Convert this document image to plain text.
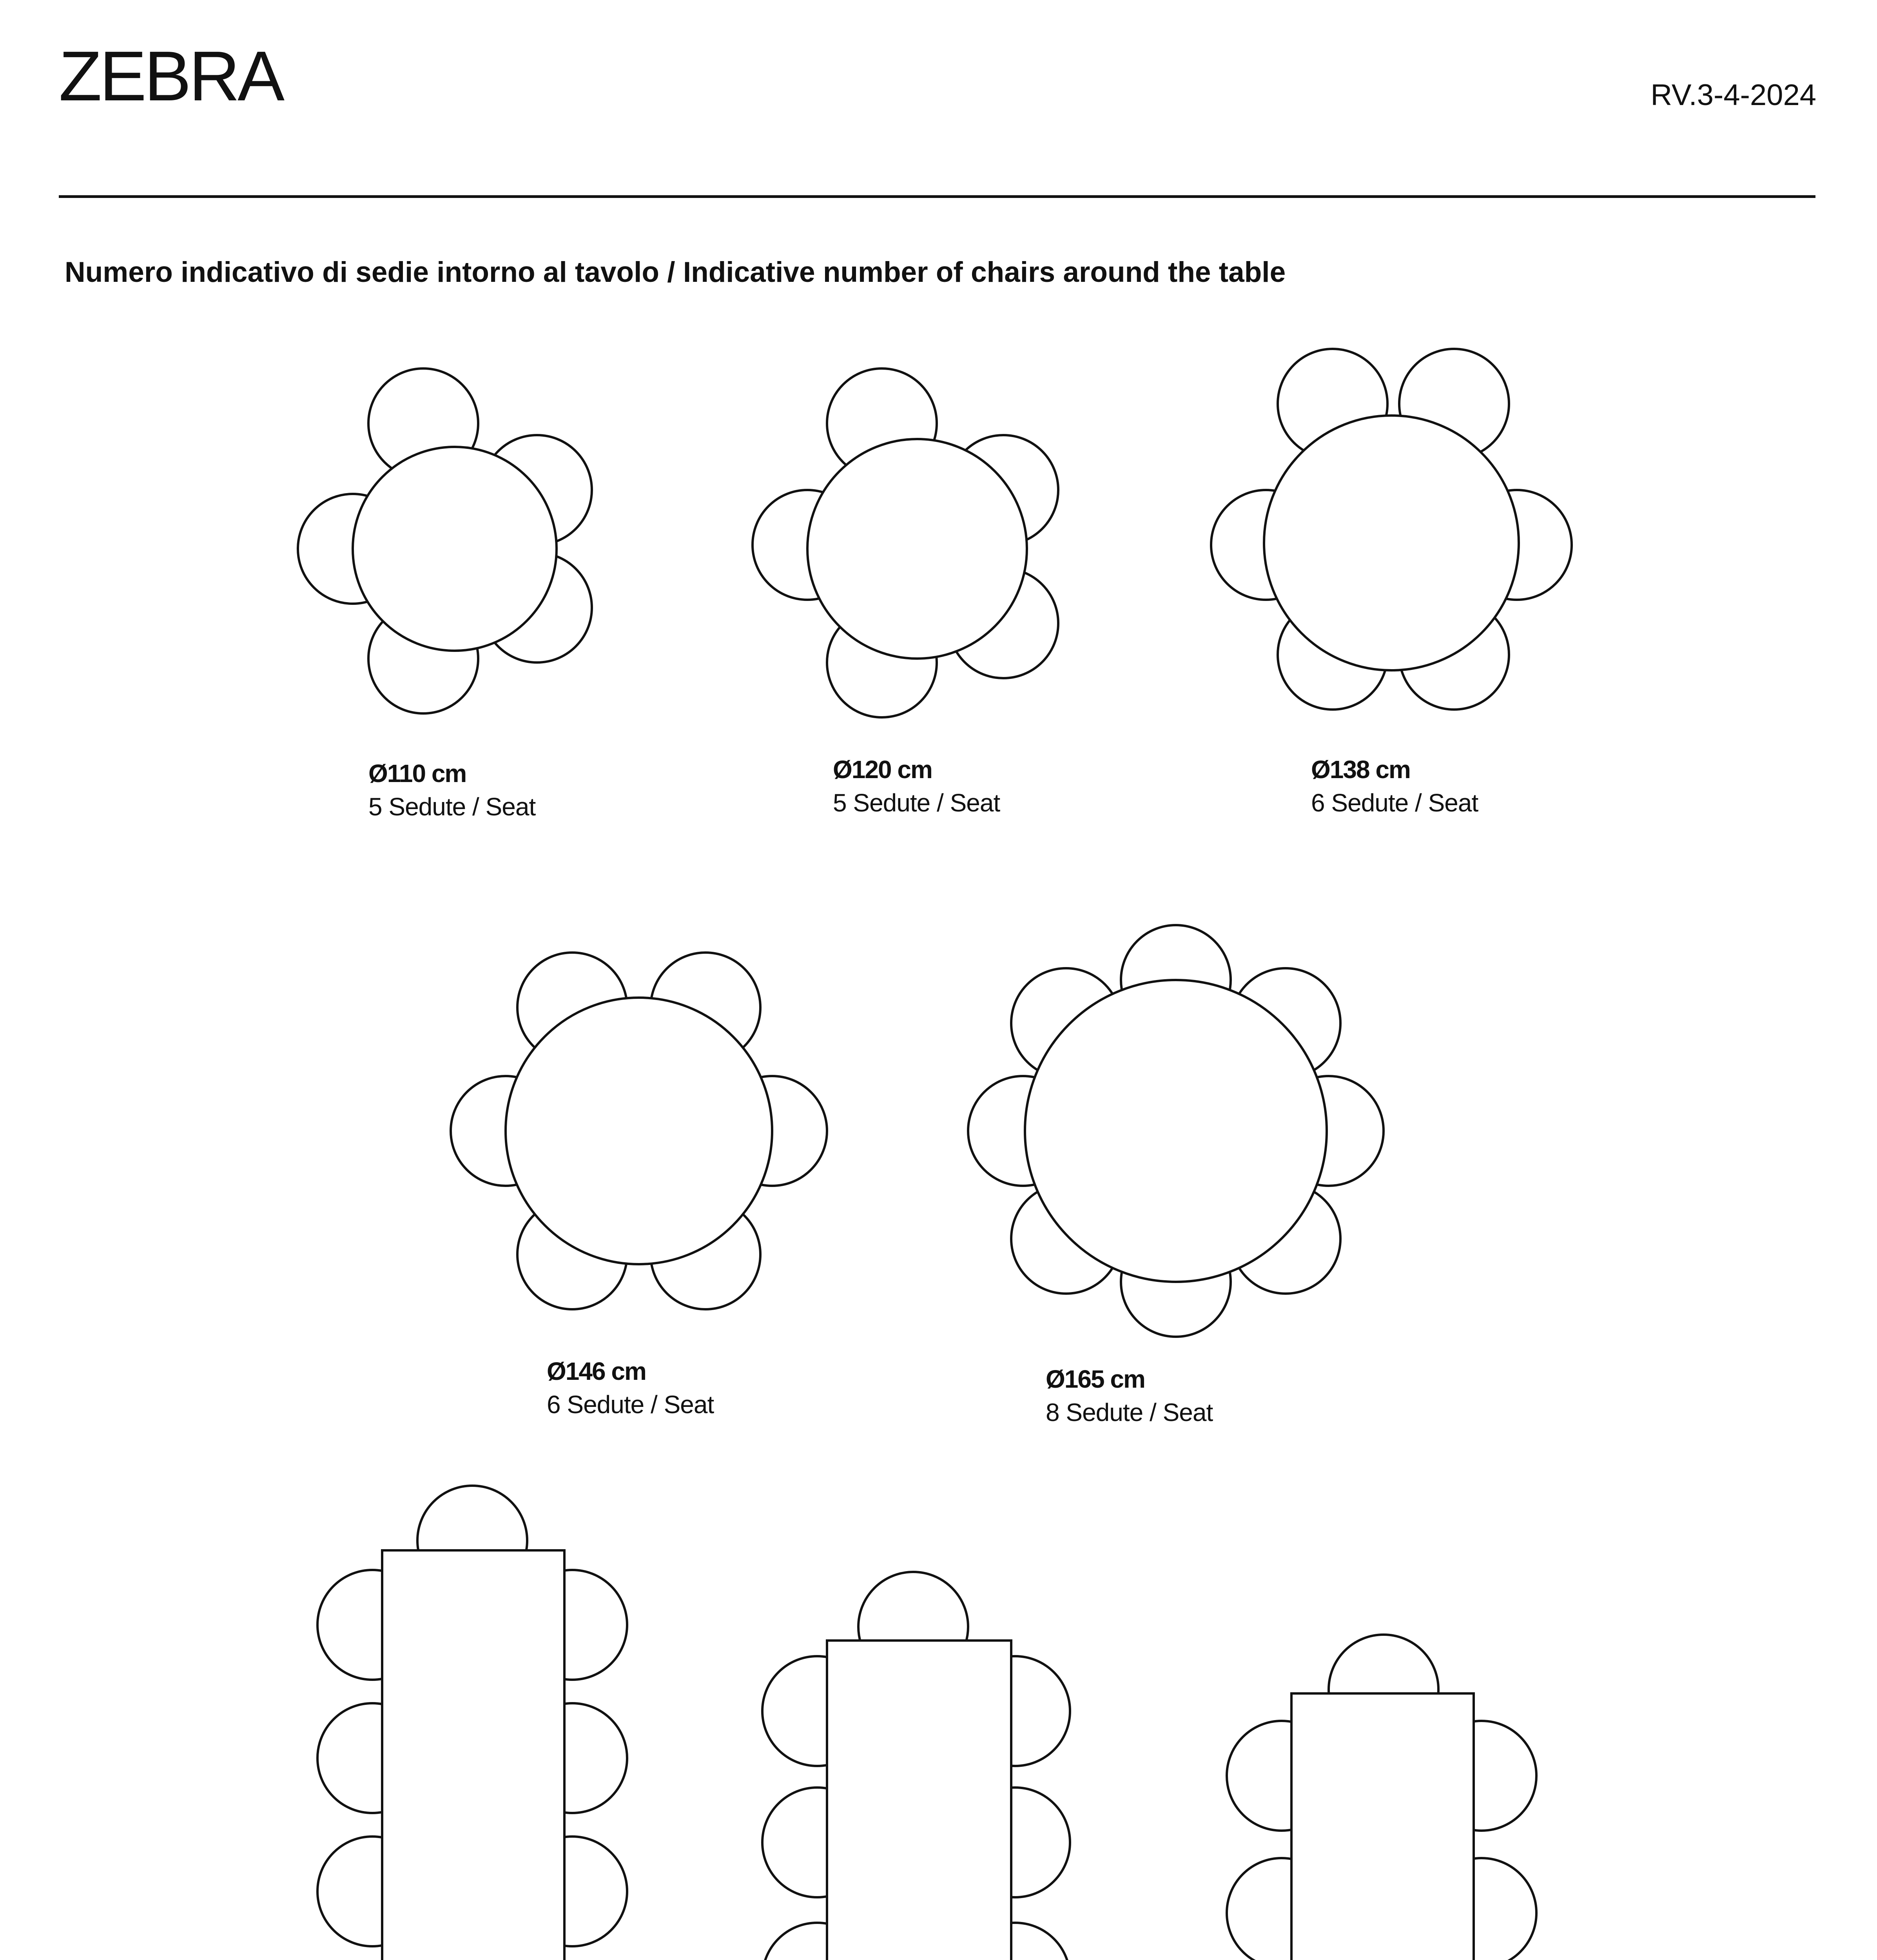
ZEBRA	RV.3-4-2024
Numero indicativo di sedie intorno al tavolo / Indicative number of chairs around the table
Ø110 cm
5 Sedute / Seat
Ø120 cm
5 Sedute / Seat
Ø138 cm
6 Sedute / Seat
Ø146 cm
6 Sedute / Seat
Ø165 cm
8 Sedute / Seat
